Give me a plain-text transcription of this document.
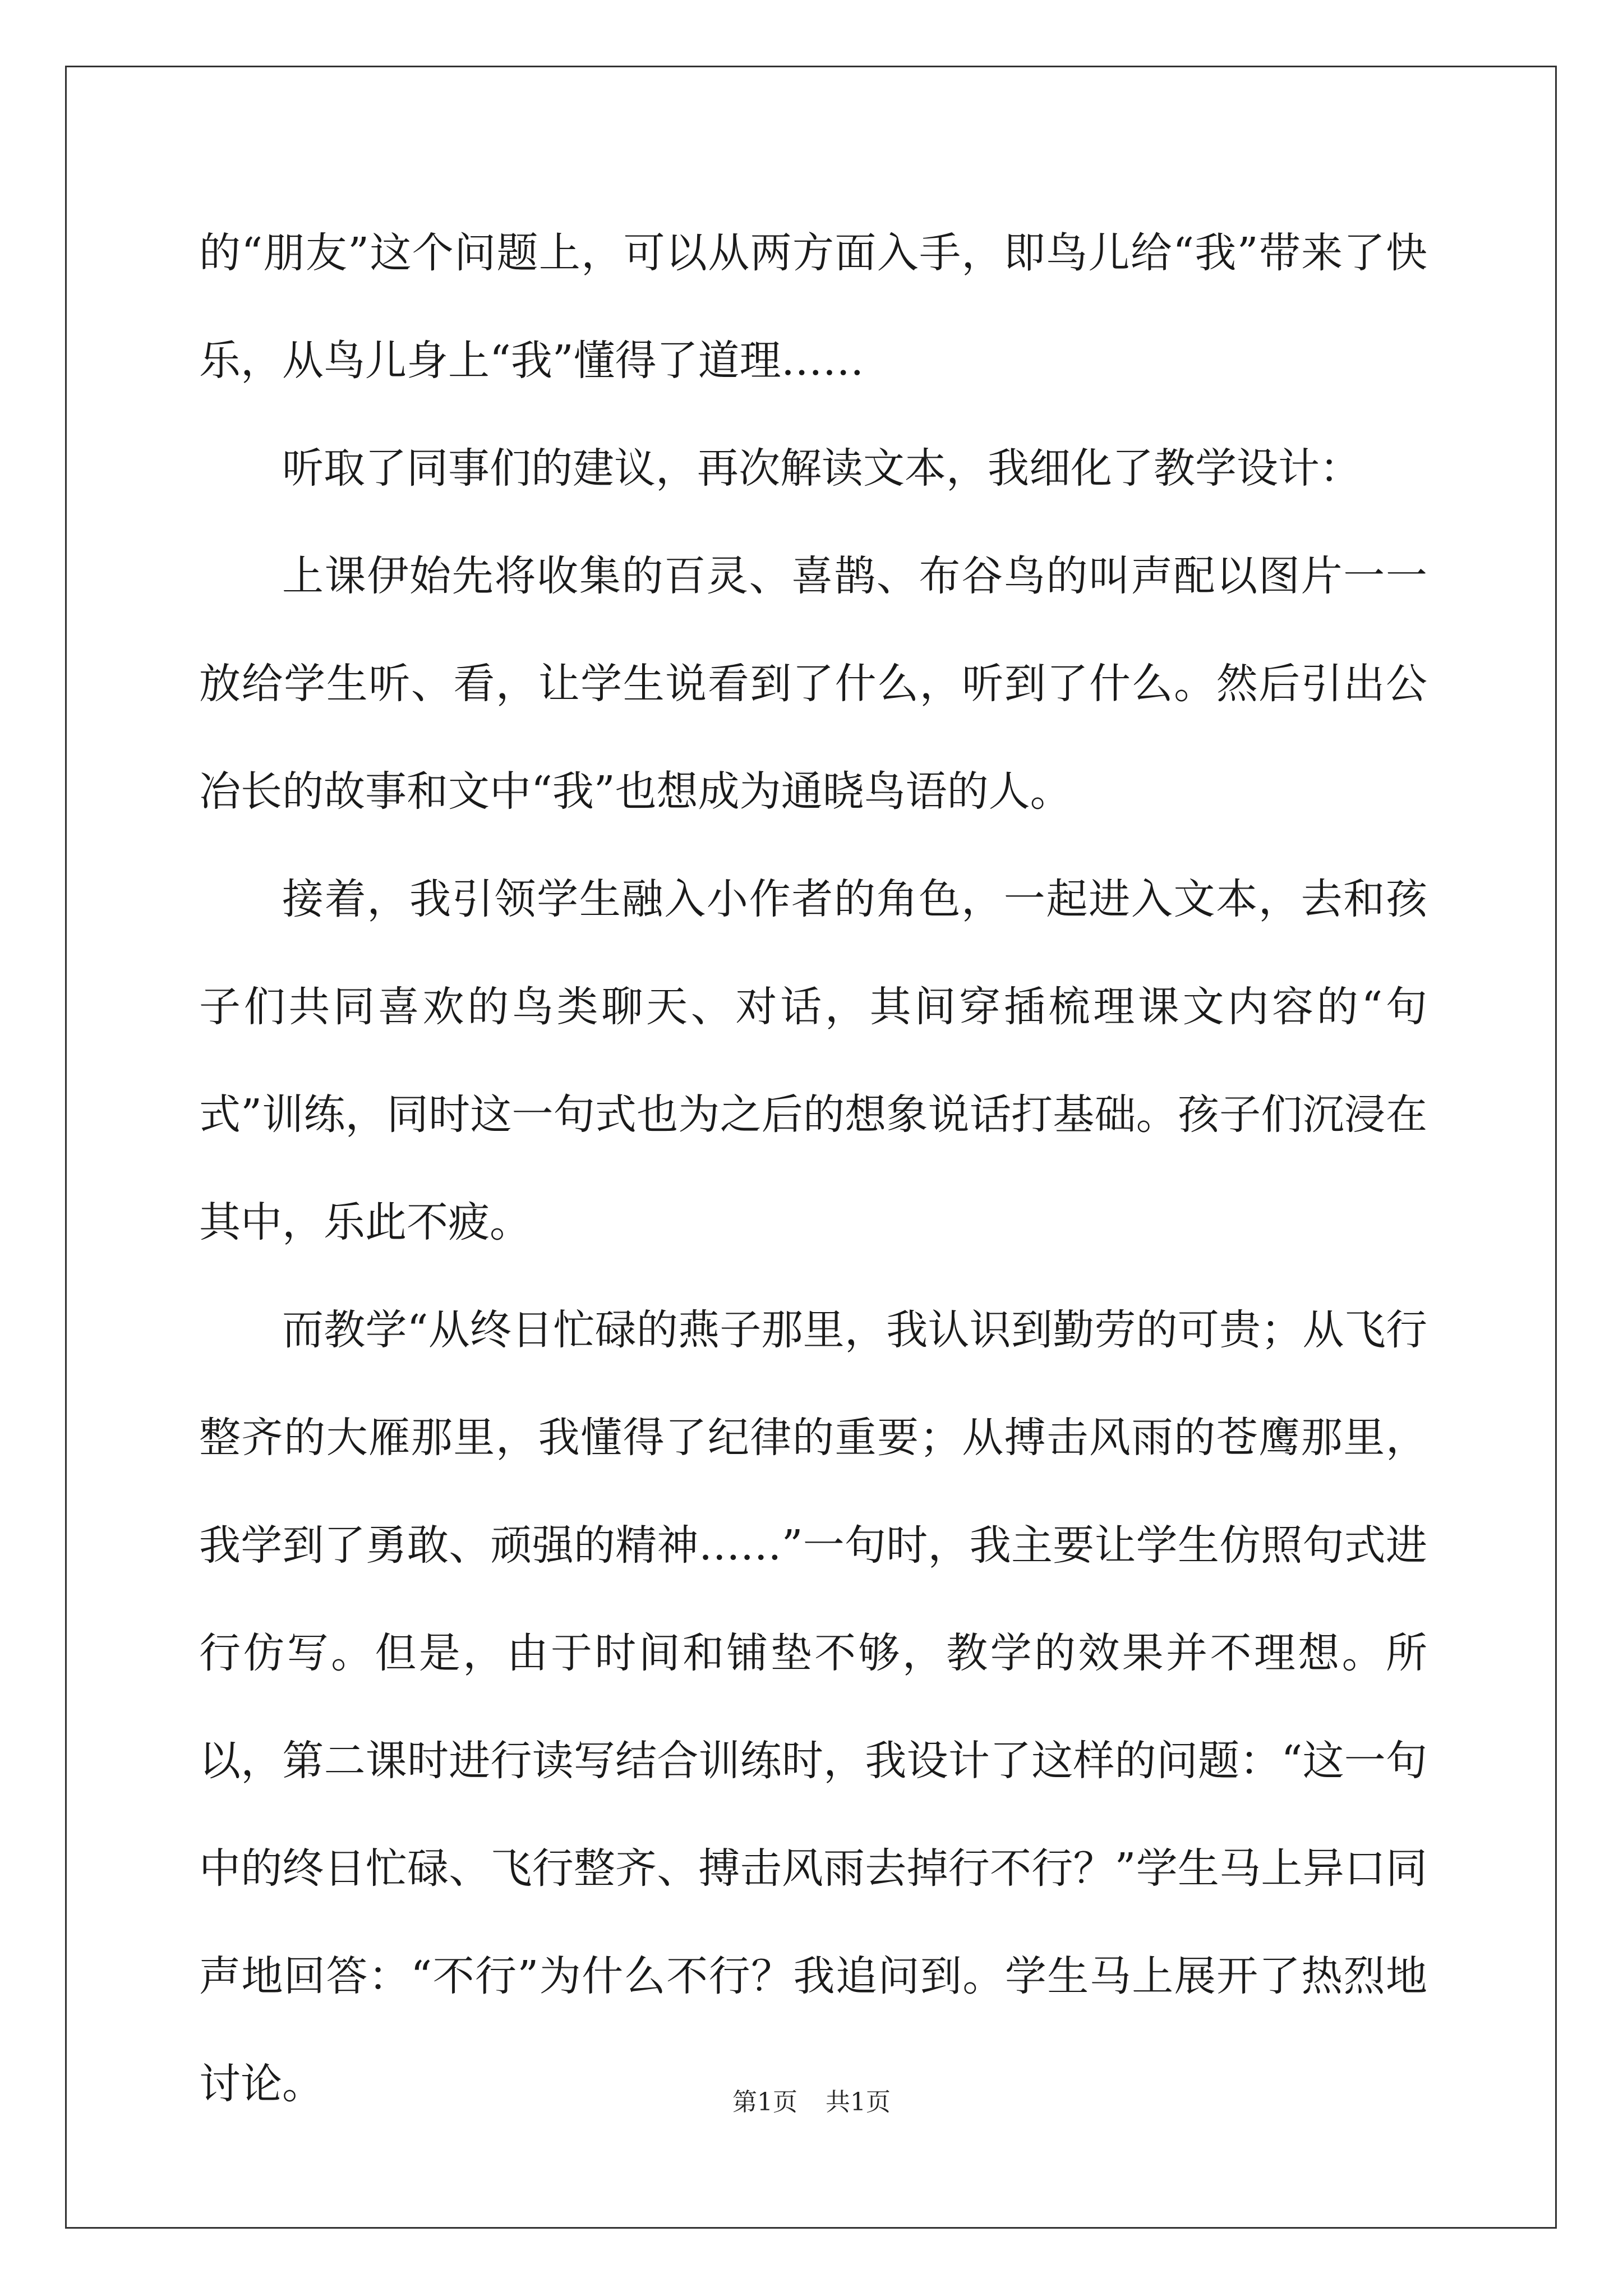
的“朋友”这个问题上，可以从两方面入手，即鸟儿给“我”带来了快乐，从鸟儿身上“我”懂得了道理……

听取了同事们的建议，再次解读文本，我细化了教学设计：

上课伊始先将收集的百灵、喜鹊、布谷鸟的叫声配以图片一一放给学生听、看，让学生说看到了什么，听到了什么。然后引出公冶长的故事和文中“我”也想成为通晓鸟语的人。

接着，我引领学生融入小作者的角色，一起进入文本，去和孩子们共同喜欢的鸟类聊天、对话，其间穿插梳理课文内容的“句式”训练，同时这一句式也为之后的想象说话打基础。孩子们沉浸在其中，乐此不疲。

而教学“从终日忙碌的燕子那里，我认识到勤劳的可贵；从飞行整齐的大雁那里，我懂得了纪律的重要；从搏击风雨的苍鹰那里，我学到了勇敢、顽强的精神……”一句时，我主要让学生仿照句式进行仿写。但是，由于时间和铺垫不够，教学的效果并不理想。所以，第二课时进行读写结合训练时，我设计了这样的问题：“这一句中的终日忙碌、飞行整齐、搏击风雨去掉行不行？”学生马上异口同声地回答：“不行”为什么不行？我追问到。学生马上展开了热烈地讨论。	第1页 共1页
